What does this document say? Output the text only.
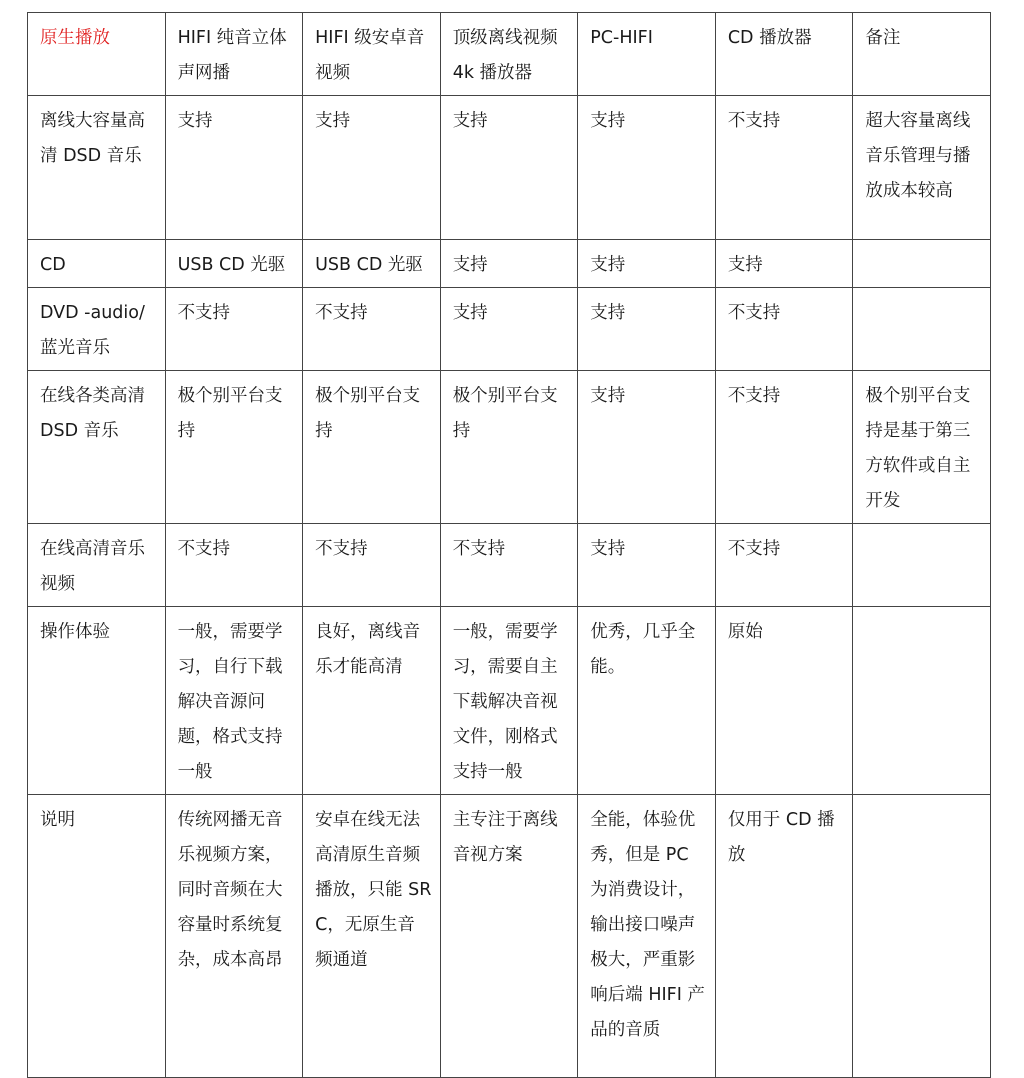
原生播放	HIFI 纯音立体声网播	HIFI 级安卓音视频	顶级离线视频 4k 播放器	PC-HIFI	CD 播放器	备注
离线大容量高清 DSD 音乐	支持	支持	支持	支持	不支持	超大容量离线音乐管理与播放成本较高
CD	USB CD 光驱	USB CD 光驱	支持	支持	支持	
DVD -audio/蓝光音乐	不支持	不支持	支持	支持	不支持	
在线各类高清 DSD 音乐	极个别平台支持	极个别平台支持	极个别平台支持	支持	不支持	极个别平台支持是基于第三方软件或自主开发
在线高清音乐视频	不支持	不支持	不支持	支持	不支持	
操作体验	一般，需要学习，自行下载解决音源问题，格式支持一般	良好，离线音乐才能高清	一般，需要学习，需要自主下载解决音视文件，刚格式支持一般	优秀，几乎全能。	原始	
说明	传统网播无音乐视频方案，同时音频在大容量时系统复杂，成本高昂	安卓在线无法高清原生音频播放，只能 SRC，无原生音频通道	主专注于离线音视方案	全能，体验优秀，但是 PC 为消费设计，输出接口噪声极大，严重影响后端 HIFI 产品的音质	仅用于 CD 播放	
